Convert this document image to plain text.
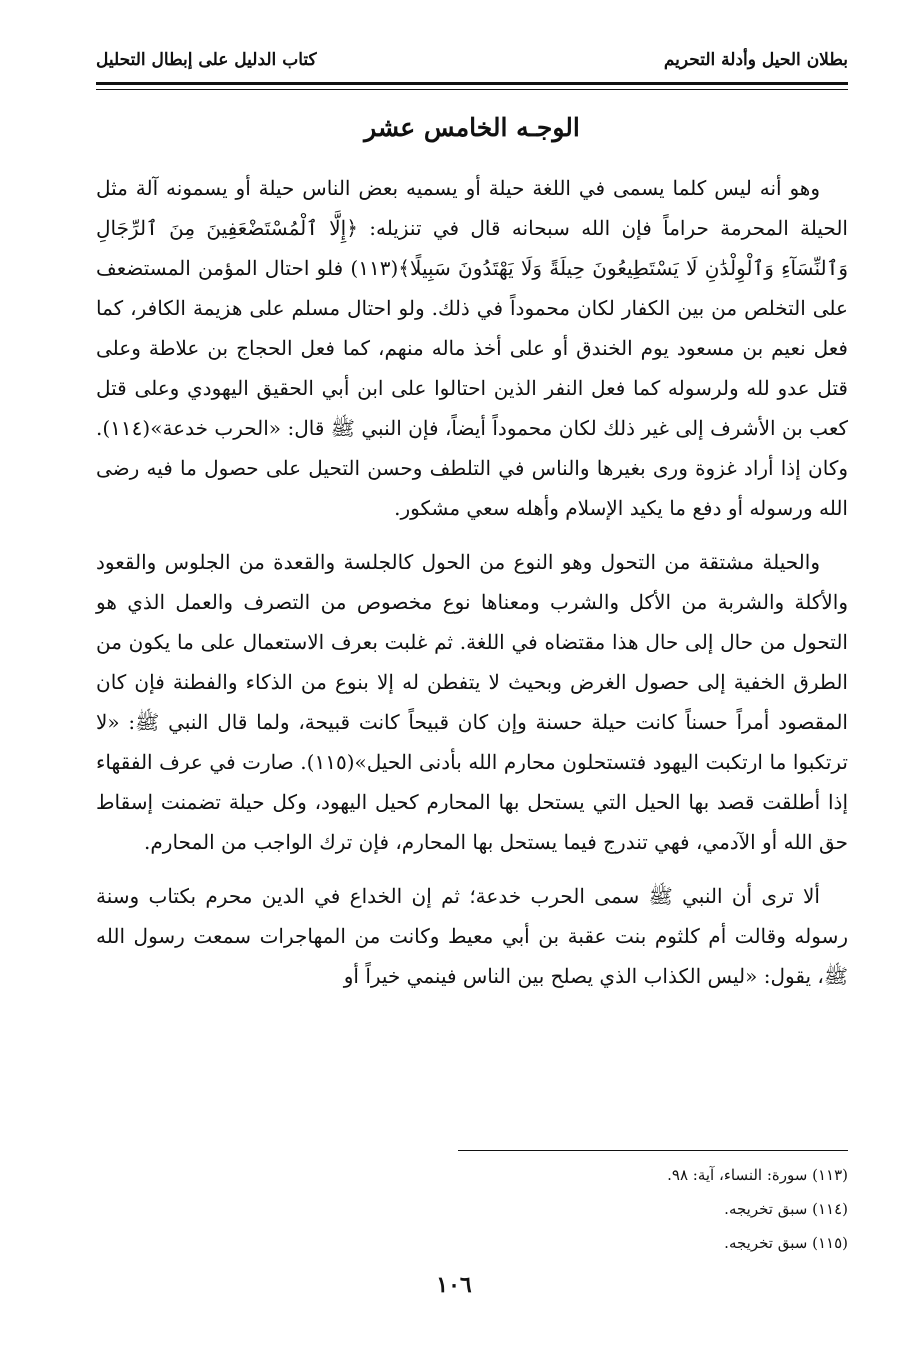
بطلان الحيل وأدلة التحريم
كتاب الدليل على إبطال التحليل
الوجـه الخامس عشر

وهو أنه ليس كلما يسمى في اللغة حيلة أو يسميه بعض الناس حيلة أو يسمونه آلة مثل الحيلة المحرمة حراماً فإن الله سبحانه قال في تنزيله: ﴿إِلَّا ٱلْمُسْتَضْعَفِينَ مِنَ ٱلرِّجَالِ وَٱلنِّسَآءِ وَٱلْوِلْدَٰنِ لَا يَسْتَطِيعُونَ حِيلَةً وَلَا يَهْتَدُونَ سَبِيلًا﴾(١١٣) فلو احتال المؤمن المستضعف على التخلص من بين الكفار لكان محموداً في ذلك. ولو احتال مسلم على هزيمة الكافر، كما فعل نعيم بن مسعود يوم الخندق أو على أخذ ماله منهم، كما فعل الحجاج بن علاطة وعلى قتل عدو لله ولرسوله كما فعل النفر الذين احتالوا على ابن أبي الحقيق اليهودي وعلى قتل كعب بن الأشرف إلى غير ذلك لكان محموداً أيضاً، فإن النبي ﷺ قال: «الحرب خدعة»(١١٤). وكان إذا أراد غزوة ورى بغيرها والناس في التلطف وحسن التحيل على حصول ما فيه رضى الله ورسوله أو دفع ما يكيد الإسلام وأهله سعي مشكور.

والحيلة مشتقة من التحول وهو النوع من الحول كالجلسة والقعدة من الجلوس والقعود والأكلة والشربة من الأكل والشرب ومعناها نوع مخصوص من التصرف والعمل الذي هو التحول من حال إلى حال هذا مقتضاه في اللغة. ثم غلبت بعرف الاستعمال على ما يكون من الطرق الخفية إلى حصول الغرض وبحيث لا يتفطن له إلا بنوع من الذكاء والفطنة فإن كان المقصود أمراً حسناً كانت حيلة حسنة وإن كان قبيحاً كانت قبيحة، ولما قال النبي ﷺ: «لا ترتكبوا ما ارتكبت اليهود فتستحلون محارم الله بأدنى الحيل»(١١٥). صارت في عرف الفقهاء إذا أطلقت قصد بها الحيل التي يستحل بها المحارم كحيل اليهود، وكل حيلة تضمنت إسقاط حق الله أو الآدمي، فهي تندرج فيما يستحل بها المحارم، فإن ترك الواجب من المحارم.

ألا ترى أن النبي ﷺ سمى الحرب خدعة؛ ثم إن الخداع في الدين محرم بكتاب وسنة رسوله وقالت أم كلثوم بنت عقبة بن أبي معيط وكانت من المهاجرات سمعت رسول الله ﷺ، يقول: «ليس الكذاب الذي يصلح بين الناس فينمي خيراً أو

(١١٣) سورة: النساء، آية: ٩٨.
(١١٤) سبق تخريجه.
(١١٥) سبق تخريجه.
١٠٦
